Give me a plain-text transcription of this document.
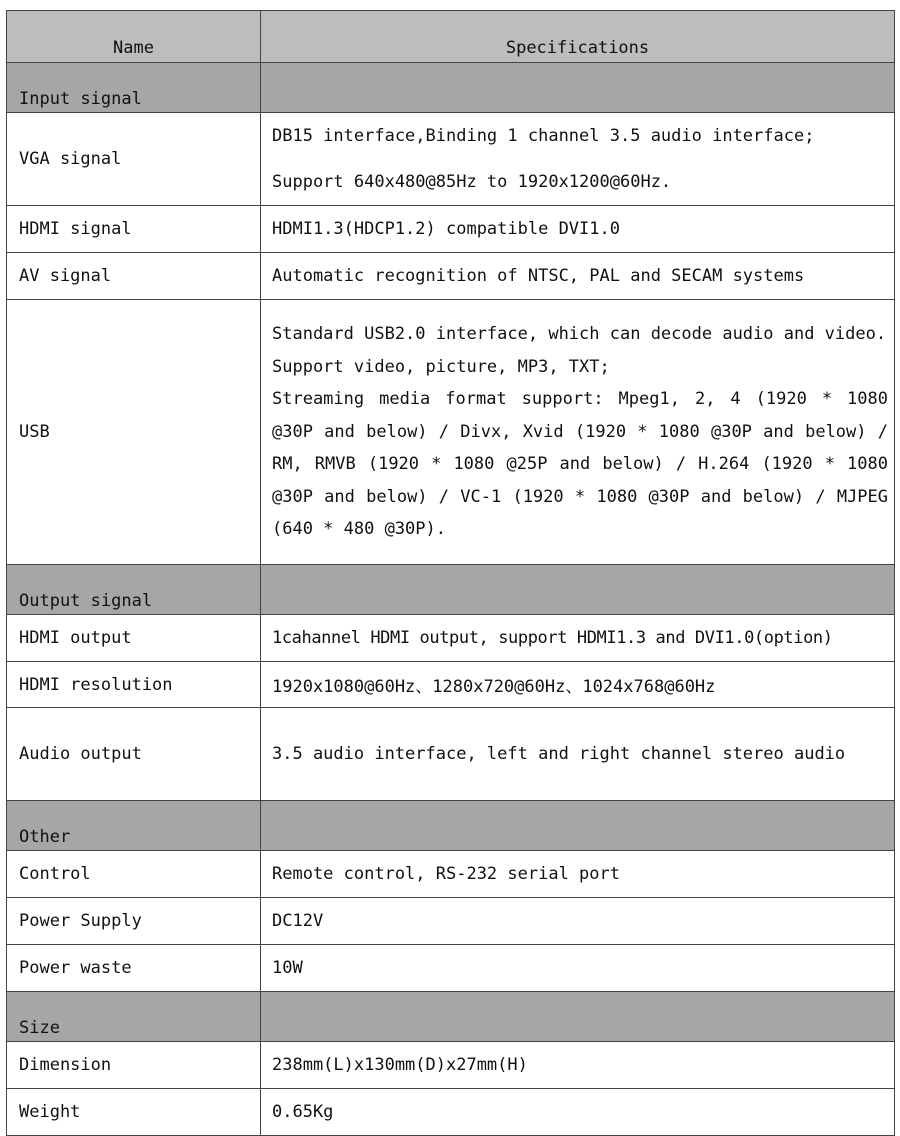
Name	Specifications
Input signal	
VGA signal	DB15 interface,Binding 1 channel 3.5 audio interface;
Support 640x480@85Hz to 1920x1200@60Hz.

HDMI signal	HDMI1.3(HDCP1.2) compatible DVI1.0
AV signal	Automatic recognition of NTSC, PAL and SECAM systems
USB	Standard USB2.0 interface, which can decode audio and video.
Support video, picture, MP3, TXT;
Streaming media format support: Mpeg1, 2, 4 (1920 * 1080 @30P and below) / Divx, Xvid (1920 * 1080 @30P and below) / RM, RMVB (1920 * 1080 @25P and below) / H.264 (1920 * 1080 @30P and below) / VC-1 (1920 * 1080 @30P and below) / MJPEG (640 * 480 @30P).

Output signal	
HDMI output	1cahannel HDMI output, support HDMI1.3 and DVI1.0(option)
HDMI resolution	1920x1080@60Hz、1280x720@60Hz、1024x768@60Hz
Audio output	3.5 audio interface, left and right channel stereo audio
Other	
Control	Remote control, RS-232 serial port
Power Supply	DC12V
Power waste	10W
Size	
Dimension	238mm(L)x130mm(D)x27mm(H)
Weight	0.65Kg
